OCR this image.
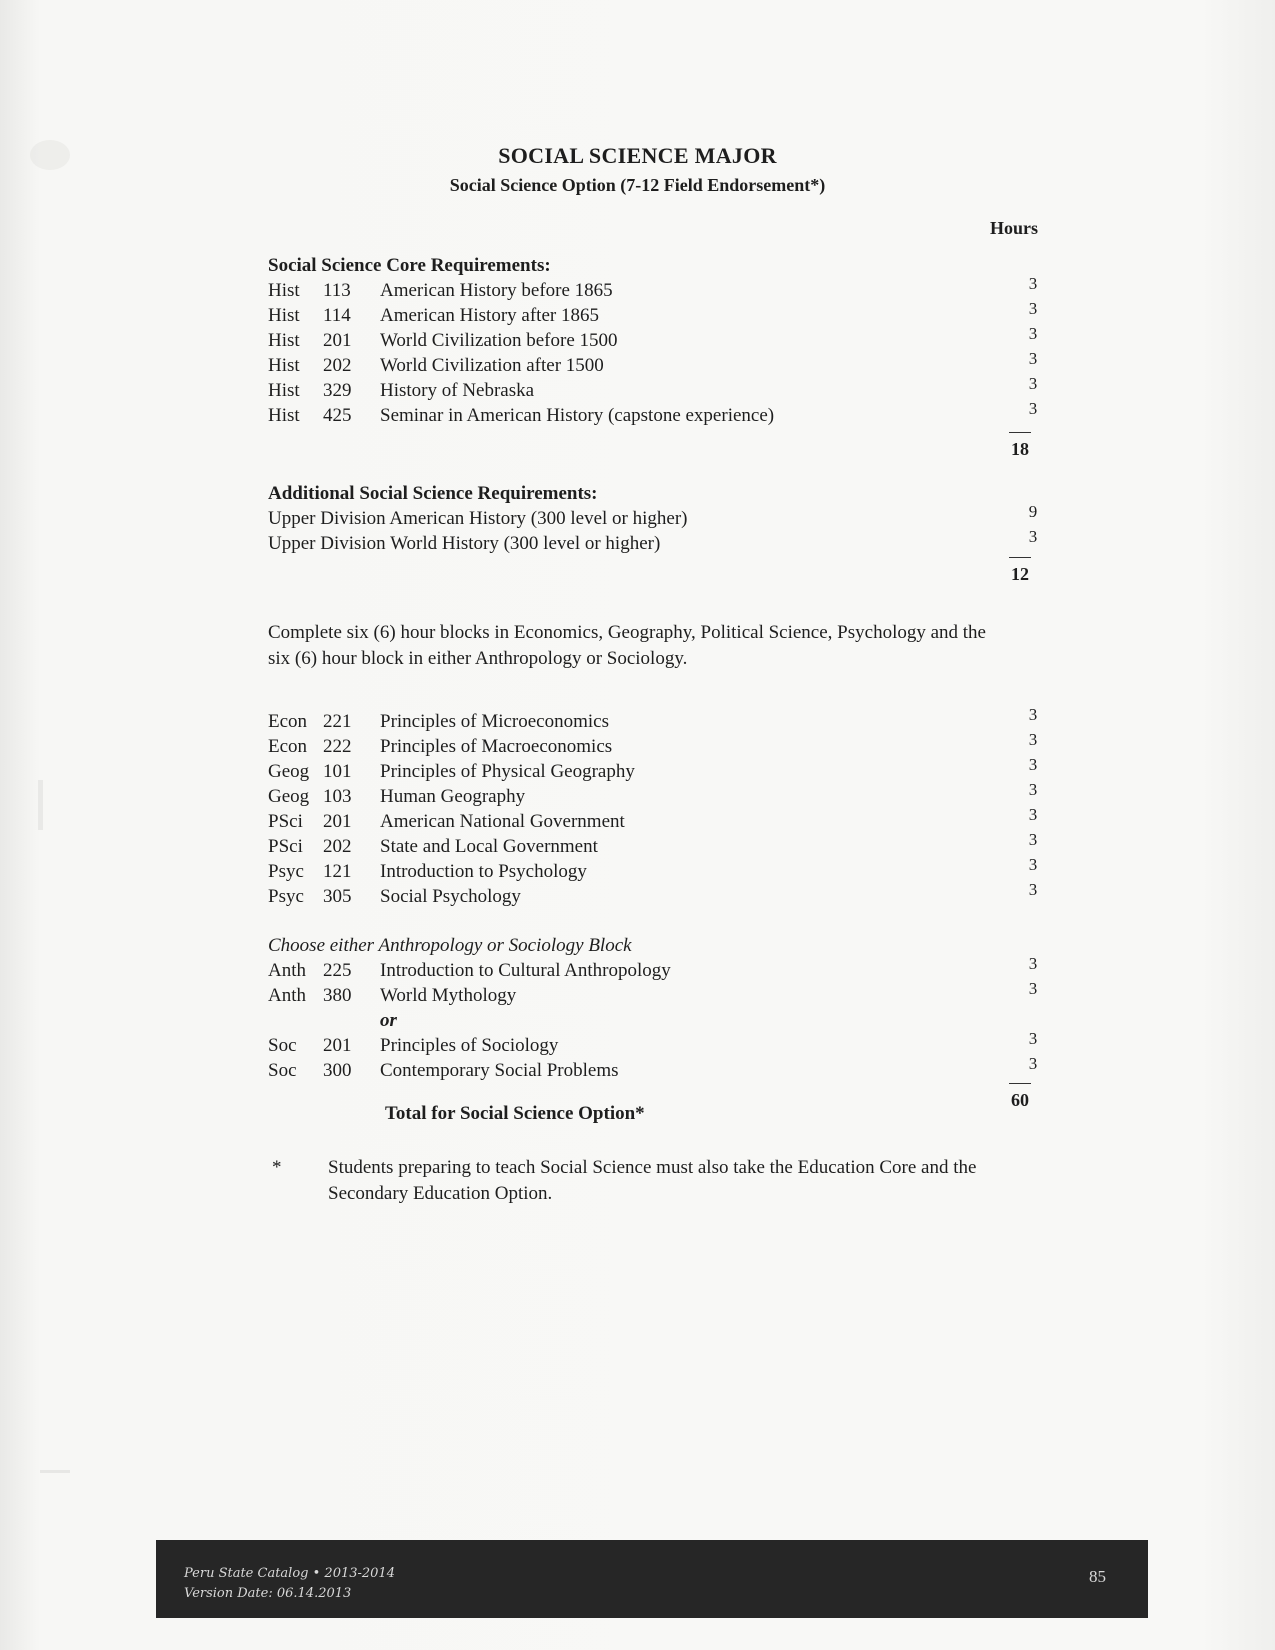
SOCIAL SCIENCE MAJOR
Social Science Option (7-12 Field Endorsement*)
Hours
Social Science Core Requirements:
Hist 113 American History before 1865	3
Hist 114 American History after 1865	3
Hist 201 World Civilization before 1500	3
Hist 202 World Civilization after 1500	3
Hist 329 History of Nebraska	3
Hist 425 Seminar in American History (capstone experience)	3
18
Additional Social Science Requirements:
Upper Division American History (300 level or higher)	9
Upper Division World History (300 level or higher)	3
12
Complete six (6) hour blocks in Economics, Geography, Political Science, Psychology and the six (6) hour block in either Anthropology or Sociology.
Econ 221 Principles of Microeconomics	3
Econ 222 Principles of Macroeconomics	3
Geog 101 Principles of Physical Geography	3
Geog 103 Human Geography	3
PSci 201 American National Government	3
PSci 202 State and Local Government	3
Psyc 121 Introduction to Psychology	3
Psyc 305 Social Psychology	3
Choose either Anthropology or Sociology Block
Anth 225 Introduction to Cultural Anthropology	3
Anth 380 World Mythology	3
or
Soc 201 Principles of Sociology	3
Soc 300 Contemporary Social Problems	3
60
Total for Social Science Option*
* Students preparing to teach Social Science must also take the Education Core and the Secondary Education Option.
Peru State Catalog • 2013-2014
Version Date: 06.14.2013
85
